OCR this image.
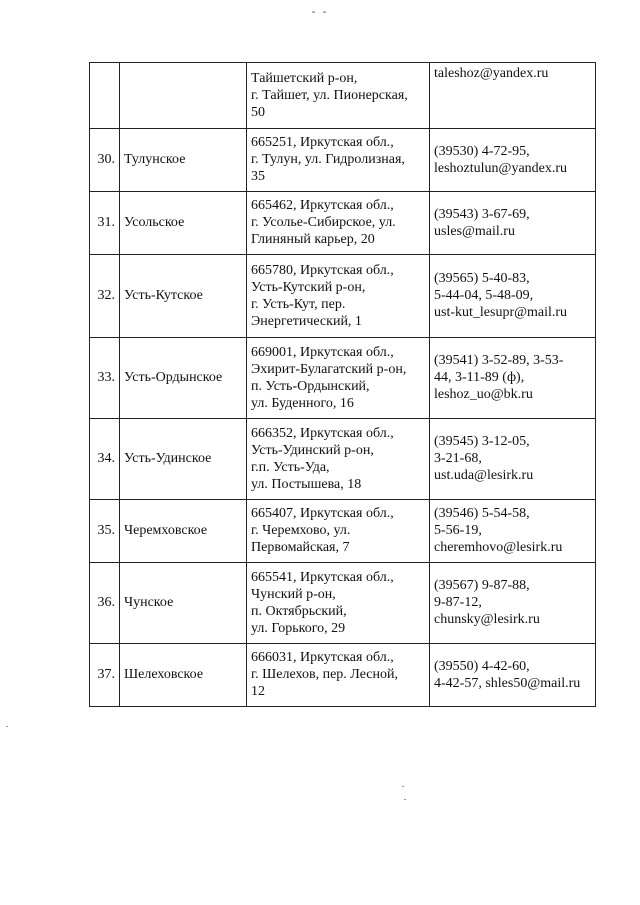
- -
		Тайшетский р-он,
г. Тайшет, ул. Пионерская,
50	taleshoz@yandex.ru
30.	Тулунское	665251, Иркутская обл.,
г. Тулун, ул. Гидролизная,
35	(39530) 4-72-95,
leshoztulun@yandex.ru
31.	Усольское	665462, Иркутская обл.,
г. Усолье-Сибирское, ул.
Глиняный карьер, 20	(39543) 3-67-69,
usles@mail.ru
32.	Усть-Кутское	665780, Иркутская обл.,
Усть-Кутский р-он,
г. Усть-Кут, пер.
Энергетический, 1	(39565) 5-40-83,
5-44-04, 5-48-09,
ust-kut_lesupr@mail.ru
33.	Усть-Ордынское	669001, Иркутская обл.,
Эхирит-Булагатский р-он,
п. Усть-Ордынский,
ул. Буденного, 16	(39541) 3-52-89, 3-53-
44, 3-11-89 (ф),
leshoz_uo@bk.ru
34.	Усть-Удинское	666352, Иркутская обл.,
Усть-Удинский р-он,
г.п. Усть-Уда,
ул. Постышева, 18	(39545) 3-12-05,
3-21-68,
ust.uda@lesirk.ru
35.	Черемховское	665407, Иркутская обл.,
г. Черемхово, ул.
Первомайская, 7	(39546) 5-54-58,
5-56-19,
cheremhovo@lesirk.ru
36.	Чунское	665541, Иркутская обл.,
Чунский р-он,
п. Октябрьский,
ул. Горького, 29	(39567) 9-87-88,
9-87-12,
chunsky@lesirk.ru
37.	Шелеховское	666031, Иркутская обл.,
г. Шелехов, пер. Лесной,
12	(39550) 4-42-60,
4-42-57, shles50@mail.ru
